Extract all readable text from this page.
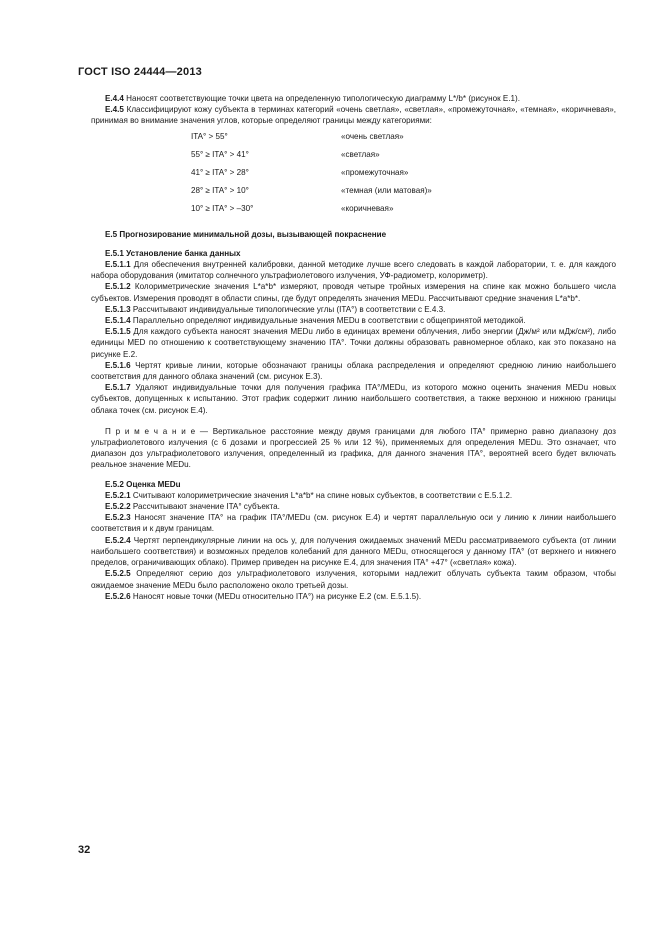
ГОСТ ISO 24444—2013

Е.4.4 Наносят соответствующие точки цвета на определенную типологическую диаграмму L*/b* (рисунок Е.1).

Е.4.5 Классифицируют кожу субъекта в терминах категорий «очень светлая», «светлая», «промежуточная», «темная», «коричневая», принимая во внимание значения углов, которые определяют границы между категориями:

ITA° > 55°	«очень светлая»
55° ≥ ITA° > 41°	«светлая»
41° ≥ ITA° > 28°	«промежуточная»
28° ≥ ITA° > 10°	«темная (или матовая)»
10° ≥ ITA° > –30°	«коричневая»

Е.5 Прогнозирование минимальной дозы, вызывающей покраснение

Е.5.1 Установление банка данных

Е.5.1.1 Для обеспечения внутренней калибровки, данной методике лучше всего следовать в каждой лаборатории, т. е. для каждого набора оборудования (имитатор солнечного ультрафиолетового излучения, УФ-радиометр, колориметр).

Е.5.1.2 Колориметрические значения L*a*b* измеряют, проводя четыре тройных измерения на спине как можно большего числа субъектов. Измерения проводят в области спины, где будут определять значения MEDu. Рассчитывают средние значения L*a*b*.

Е.5.1.3 Рассчитывают индивидуальные типологические углы (ITA°) в соответствии с Е.4.3.

Е.5.1.4 Параллельно определяют индивидуальные значения MEDu в соответствии с общепринятой методикой.

Е.5.1.5 Для каждого субъекта наносят значения MEDu либо в единицах времени облучения, либо энергии (Дж/м² или мДж/см²), либо единицы MED по отношению к соответствующему значению ITA°. Точки должны образовать равномерное облако, как это показано на рисунке Е.2.

Е.5.1.6 Чертят кривые линии, которые обозначают границы облака распределения и определяют среднюю линию наибольшего соответствия для данного облака значений (см. рисунок Е.3).

Е.5.1.7 Удаляют индивидуальные точки для получения графика ITA°/MEDu, из которого можно оценить значения MEDu новых субъектов, допущенных к испытанию. Этот график содержит линию наибольшего соответствия, а также верхнюю и нижнюю границы облака точек (см. рисунок Е.4).

П р и м е ч а н и е — Вертикальное расстояние между двумя границами для любого ITA° примерно равно диапазону доз ультрафиолетового излучения (с 6 дозами и прогрессией 25 % или 12 %), применяемых для определения MEDu. Это означает, что диапазон доз ультрафиолетового излучения, определенный из графика, для данного значения ITA°, вероятней всего будет включать реальное значение MEDu.

Е.5.2 Оценка MEDu

Е.5.2.1 Считывают колориметрические значения L*a*b* на спине новых субъектов, в соответствии с Е.5.1.2.

Е.5.2.2 Рассчитывают значение ITA° субъекта.

Е.5.2.3 Наносят значение ITA° на график ITA°/MEDu (см. рисунок Е.4) и чертят параллельную оси y линию к линии наибольшего соответствия и к двум границам.

Е.5.2.4 Чертят перпендикулярные линии на ось y, для получения ожидаемых значений MEDu рассматриваемого субъекта (от линии наибольшего соответствия) и возможных пределов колебаний для данного MEDu, относящегося у данному ITA° (от верхнего и нижнего пределов, ограничивающих облако). Пример приведен на рисунке Е.4, для значения ITA° +47° («светлая» кожа).

Е.5.2.5 Определяют серию доз ультрафиолетового излучения, которыми надлежит облучать субъекта таким образом, чтобы ожидаемое значение MEDu было расположено около третьей дозы.

Е.5.2.6 Наносят новые точки (MEDu относительно ITA°) на рисунке Е.2 (см. Е.5.1.5).

32
